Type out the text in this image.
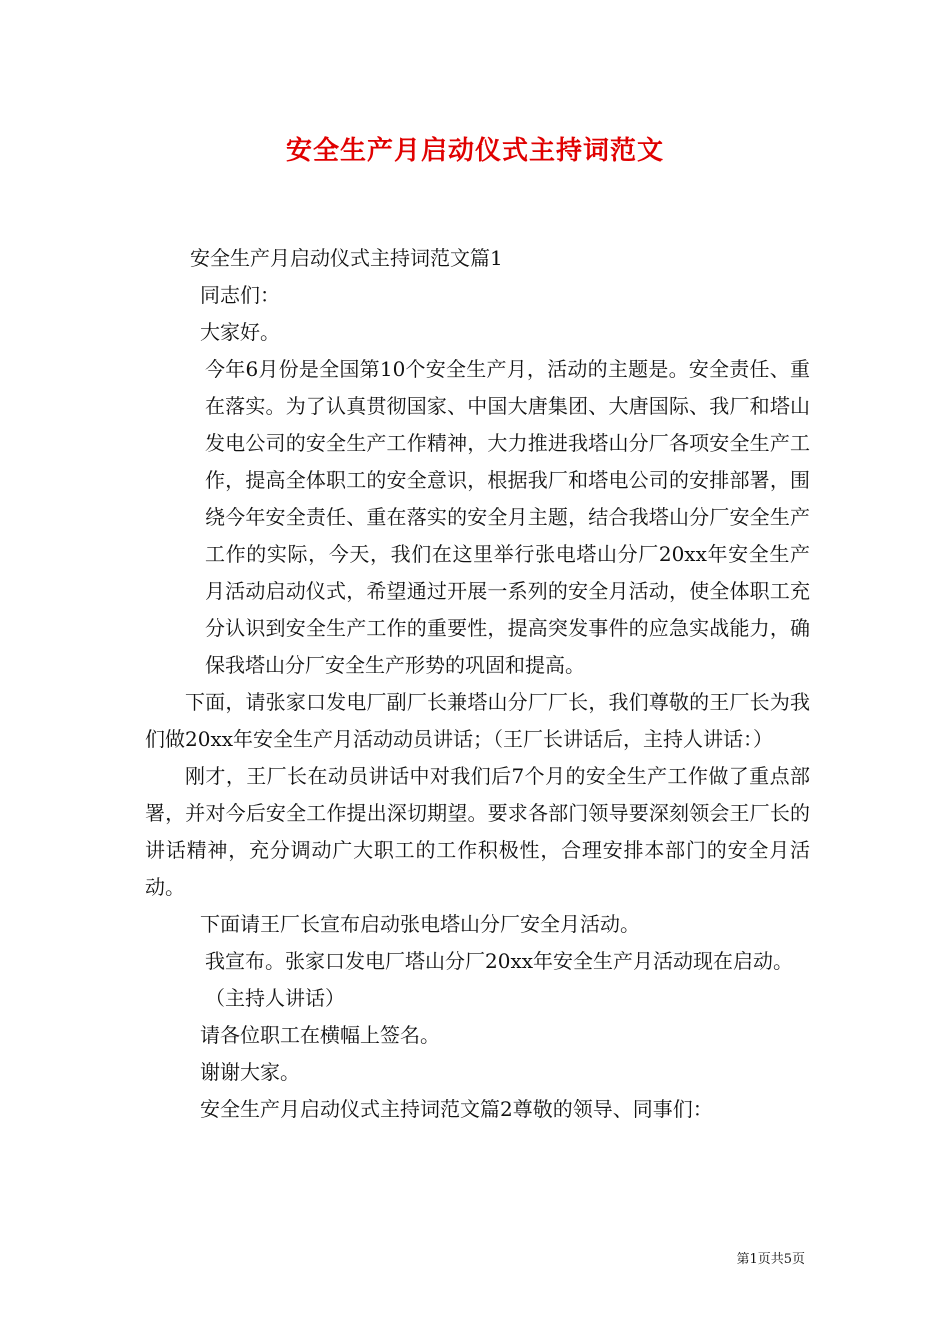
安全生产月启动仪式主持词范文

安全生产月启动仪式主持词范文篇1

同志们：

大家好。

今年6月份是全国第10个安全生产月，活动的主题是。安全责任、重在落实。为了认真贯彻国家、中国大唐集团、大唐国际、我厂和塔山发电公司的安全生产工作精神，大力推进我塔山分厂各项安全生产工作，提高全体职工的安全意识，根据我厂和塔电公司的安排部署，围绕今年安全责任、重在落实的安全月主题，结合我塔山分厂安全生产工作的实际，今天，我们在这里举行张电塔山分厂20xx年安全生产月活动启动仪式，希望通过开展一系列的安全月活动，使全体职工充分认识到安全生产工作的重要性，提高突发事件的应急实战能力，确保我塔山分厂安全生产形势的巩固和提高。

下面，请张家口发电厂副厂长兼塔山分厂厂长，我们尊敬的王厂长为我们做20xx年安全生产月活动动员讲话；（王厂长讲话后，主持人讲话：）

刚才，王厂长在动员讲话中对我们后7个月的安全生产工作做了重点部署，并对今后安全工作提出深切期望。要求各部门领导要深刻领会王厂长的讲话精神，充分调动广大职工的工作积极性，合理安排本部门的安全月活动。

下面请王厂长宣布启动张电塔山分厂安全月活动。

我宣布。张家口发电厂塔山分厂20xx年安全生产月活动现在启动。

（主持人讲话）

请各位职工在横幅上签名。

谢谢大家。

安全生产月启动仪式主持词范文篇2尊敬的领导、同事们：

第1页共5页
